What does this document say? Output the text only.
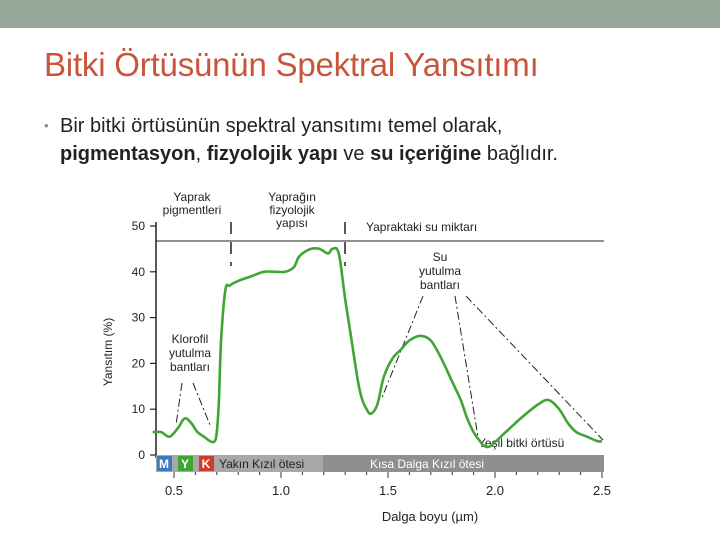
Bitki Örtüsünün Spektral Yansıtımı
• Bir bitki örtüsünün spektral yansıtımı temel olarak,
pigmentasyon, fizyolojik yapı ve su içeriğine bağlıdır.
0
10
20
30
40
50
M Y K Yakın Kızıl ötesi	Kısa Dalga Kızıl ötesi
0.5	1.0	1.5	2.0	2.5
Yansıtım (%)
Dalga boyu (µm)
Yaprak pigmentleri
Yaprağın fizyolojik yapısı	Yapraktaki su miktarı
Su yutulma bantları
Klorofil yutulma bantları
Yeşil bitki örtüsü
